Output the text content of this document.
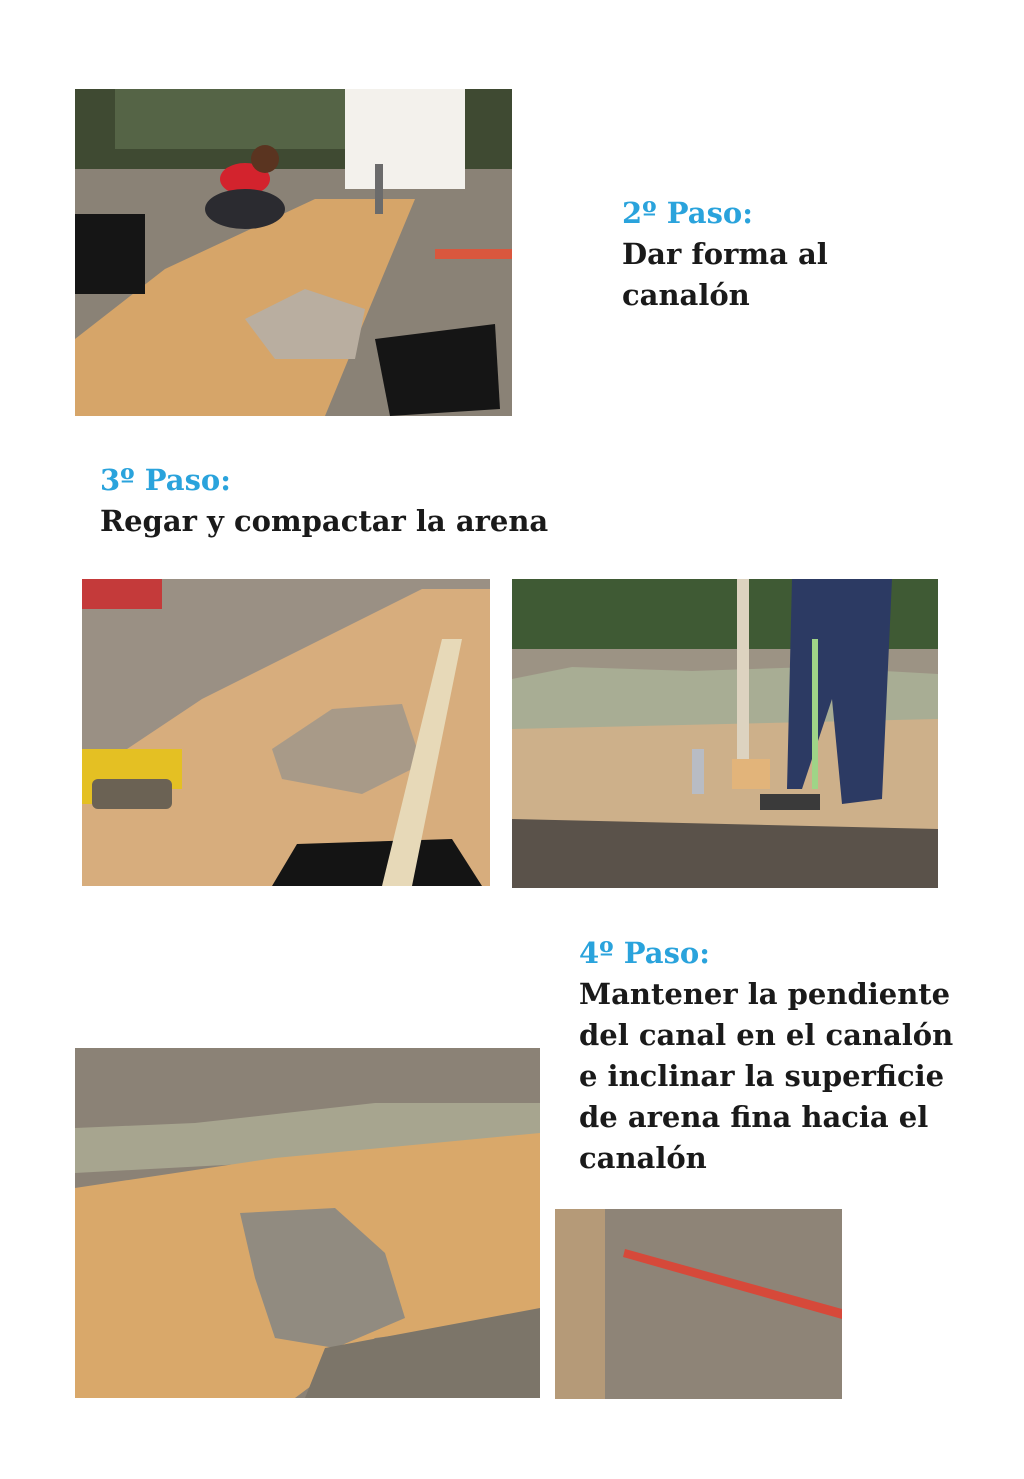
2º Paso:
Dar forma al
canalón
3º Paso:
Regar y compactar la arena
4º Paso:
Mantener la pendiente
del canal en el canalón
e inclinar la superficie
de arena fina hacia el
canalón
